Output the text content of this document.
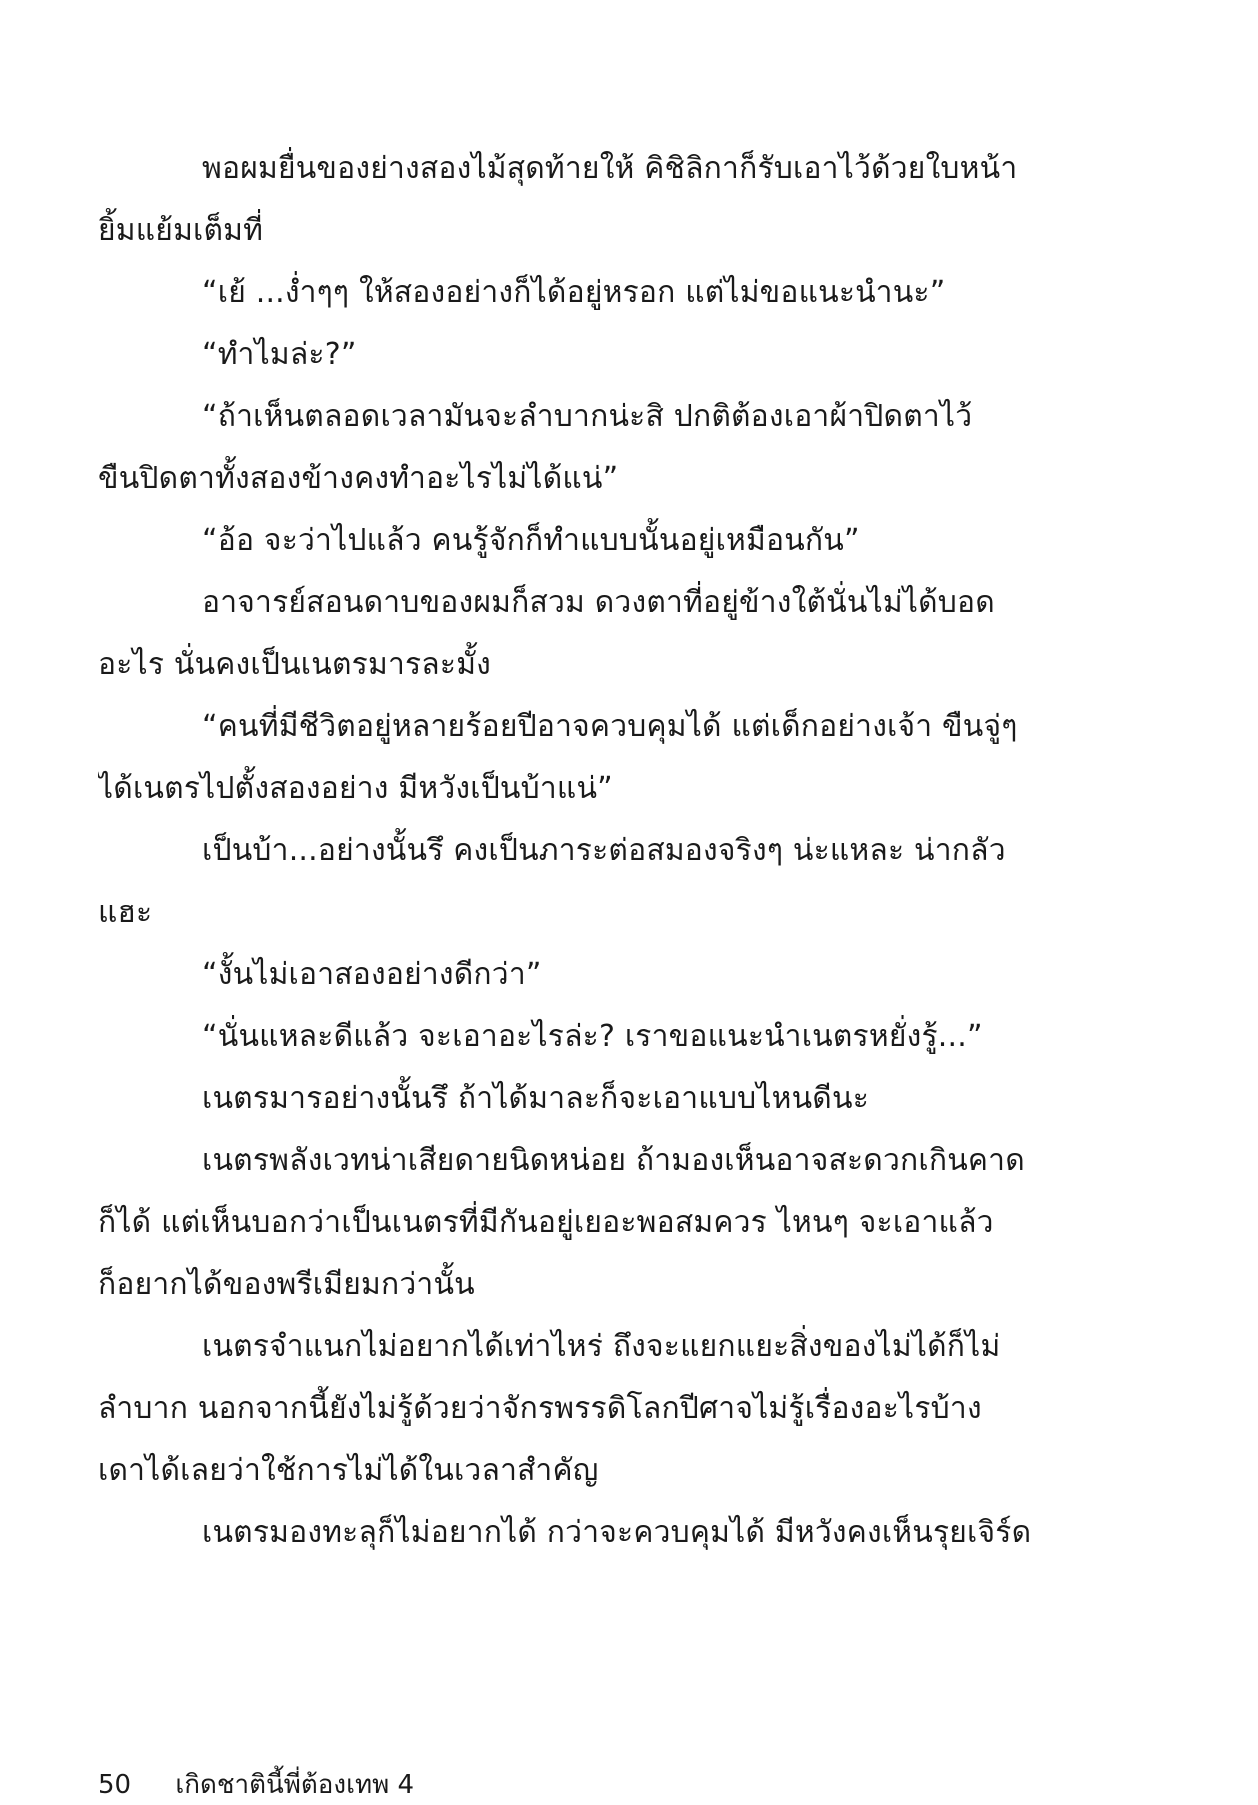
พอผมยื่นของย่างสองไม้สุดท้ายให้ คิชิลิกาก็รับเอาไว้ด้วยใบหน้า
ยิ้มแย้มเต็มที่
“เย้ ...ง่ำๆๆ ให้สองอย่างก็ได้อยู่หรอก แต่ไม่ขอแนะนำนะ”
“ทำไมล่ะ?”
“ถ้าเห็นตลอดเวลามันจะลำบากน่ะสิ ปกติต้องเอาผ้าปิดตาไว้
ขืนปิดตาทั้งสองข้างคงทำอะไรไม่ได้แน่”
“อ้อ จะว่าไปแล้ว คนรู้จักก็ทำแบบนั้นอยู่เหมือนกัน”
อาจารย์สอนดาบของผมก็สวม ดวงตาที่อยู่ข้างใต้นั่นไม่ได้บอด
อะไร นั่นคงเป็นเนตรมารละมั้ง
“คนที่มีชีวิตอยู่หลายร้อยปีอาจควบคุมได้ แต่เด็กอย่างเจ้า ขืนจู่ๆ
ได้เนตรไปตั้งสองอย่าง มีหวังเป็นบ้าแน่”
เป็นบ้า...อย่างนั้นรึ คงเป็นภาระต่อสมองจริงๆ น่ะแหละ น่ากลัว
แฮะ
“งั้นไม่เอาสองอย่างดีกว่า”
“นั่นแหละดีแล้ว จะเอาอะไรล่ะ? เราขอแนะนำเนตรหยั่งรู้...”
เนตรมารอย่างนั้นรึ ถ้าได้มาละก็จะเอาแบบไหนดีนะ
เนตรพลังเวทน่าเสียดายนิดหน่อย ถ้ามองเห็นอาจสะดวกเกินคาด
ก็ได้ แต่เห็นบอกว่าเป็นเนตรที่มีกันอยู่เยอะพอสมควร ไหนๆ จะเอาแล้ว
ก็อยากได้ของพรีเมียมกว่านั้น
เนตรจำแนกไม่อยากได้เท่าไหร่ ถึงจะแยกแยะสิ่งของไม่ได้ก็ไม่
ลำบาก นอกจากนี้ยังไม่รู้ด้วยว่าจักรพรรดิโลกปีศาจไม่รู้เรื่องอะไรบ้าง
เดาได้เลยว่าใช้การไม่ได้ในเวลาสำคัญ
เนตรมองทะลุก็ไม่อยากได้ กว่าจะควบคุมได้ มีหวังคงเห็นรุยเจิร์ด
50 เกิดชาตินี้พี่ต้องเทพ 4
